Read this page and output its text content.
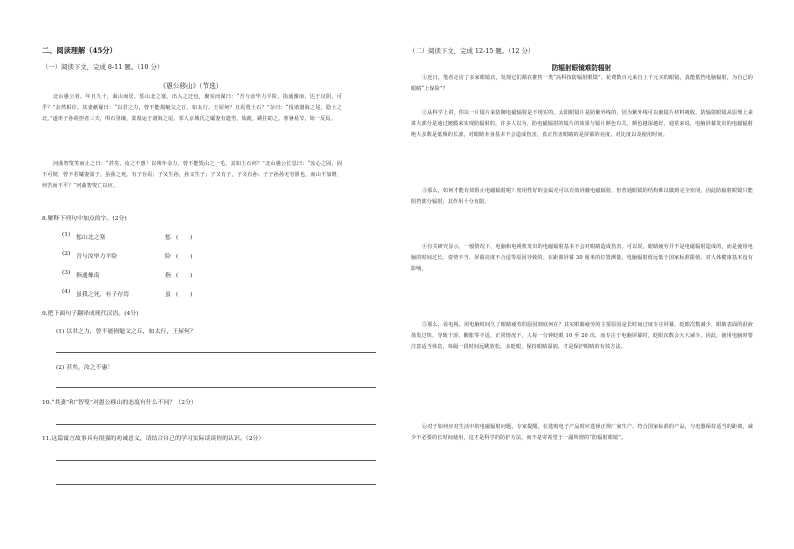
二、阅读理解（45分）
（一）阅读下文，完成 8-11 题。（10 分）
《愚公移山》（节选）
北山愚公者，年且九十，面山而居。惩山北之塞，出入之迂也，聚室而谋曰：“吾与汝毕力平险，指通豫南，达于汉阴，可乎？”杂然相许。其妻献疑曰：“以君之力，曾不能损魁父之丘，如太行、王屋何？且焉置土石？”杂曰：“投诸渤海之尾，隐土之北。”遂率子孙荷担者三夫，叩石垦壤，箕畚运于渤海之尾。邻人京城氏之孀妻有遗男，始龀，跳往助之。寒暑易节，始一反焉。
河曲智叟笑而止之曰：“甚矣，汝之不惠！以残年余力，曾不能毁山之一毛，其如土石何？”北山愚公长息曰：“汝心之固，固不可彻，曾不若孀妻弱子。虽我之死，有子存焉；子又生孙，孙又生子；子又有子，子又有孙；子子孙孙无穷匮也，而山不加增，何苦而不平？”河曲智叟亡以应。
8.解释下列句中加点的字。(2分)
(1) 惩山北之塞	惩 (　　)
(2) 吾与汝毕力平险	险 (　　)
(3) 指通豫南	指 (　　)
(4) 虽我之死，有子存焉	虽 (　　)
9.把下面句子翻译成现代汉语。(4分)
(1) 以君之力，曾不能损魁父之丘，如太行、王屋何？
(2) 甚矣，汝之不惠！
10.“其妻”和“智叟”对愚公移山的态度有什么不同？（2分）
11.这篇寓言故事具有很强的劝诫意义，请结合自己的学习实际谈谈你的认识。（2分）
（二）阅读下文，完成 12-15 题。（12 分）
防辐射眼镜难防辐射
①近日，笔者走访了多家眼镜店，发现它们都在推售一类“高科技防辐射眼镜”。花费数百元来自上千元买的眼镜，真能抵挡电脑辐射，为自己的眼睛“上保险”？
②从科学上讲，你以一片镜片来防御电磁辐射是不现实的。太阳眼镜片是防紫外线的，因为紫外线可以被镜片材料吸收。防辐射眼镜从原理上来讲大部分是通过镀膜来实现防辐射的，许多人以为，防电磁辐射的镜片的效果与镜片颜色有关，颜色越深越好。通常来说，电脑屏幕发出的电磁辐射绝大多数是低频的长波，对眼睛本身基本不会造成伤害，真正伤害眼睛的是屏幕的亮度、对比度以及使用时间。
③那么，如何才能有效阻止电磁辐射呢？密闭性好的金属壳可以有效屏蔽电磁辐射，但普通眼镜的结构难以做到完全密闭，因此防辐射眼镜只能阻挡部分辐射，其作用十分有限。
④有关研究显示，一般情况下，电脑和电视机发出的电磁辐射基本不会对眼睛造成伤害。可以说，眼睛疲劳并不是电磁辐射造成的，而是使用电脑的时间过长、姿势不当、屏幕亮度不合适等原因导致的。在距离屏幕 30 厘米的位置测量，电脑辐射值远低于国家标准限值，对人体健康基本没有影响。
⑤那么，看电视、用电脑时间久了眼睛疲劳的原因到底何在？其实眼睛疲劳的主要原因是长时间过度专注屏幕，眨眼次数减少，眼睛表面的泪液蒸发过快，导致干涩、酸胀等不适。正常情况下，人每一分钟眨眼 10 至 20 次，而专注于电脑屏幕时，眨眼次数会大大减少。因此，使用电脑时要注意适当休息，每隔一段时间远眺放松，多眨眼，保持眼睛湿润，才是保护眼睛的有效方法。
⑥对于如何应对生活中的电磁辐射问题，专家提醒，在选购电子产品时应选择正规厂家生产、符合国家标准的产品，与电器保持适当的距离，减少不必要的长时间使用，这才是科学的防护方法，而不是寄希望于一副所谓的“防辐射眼镜”。
